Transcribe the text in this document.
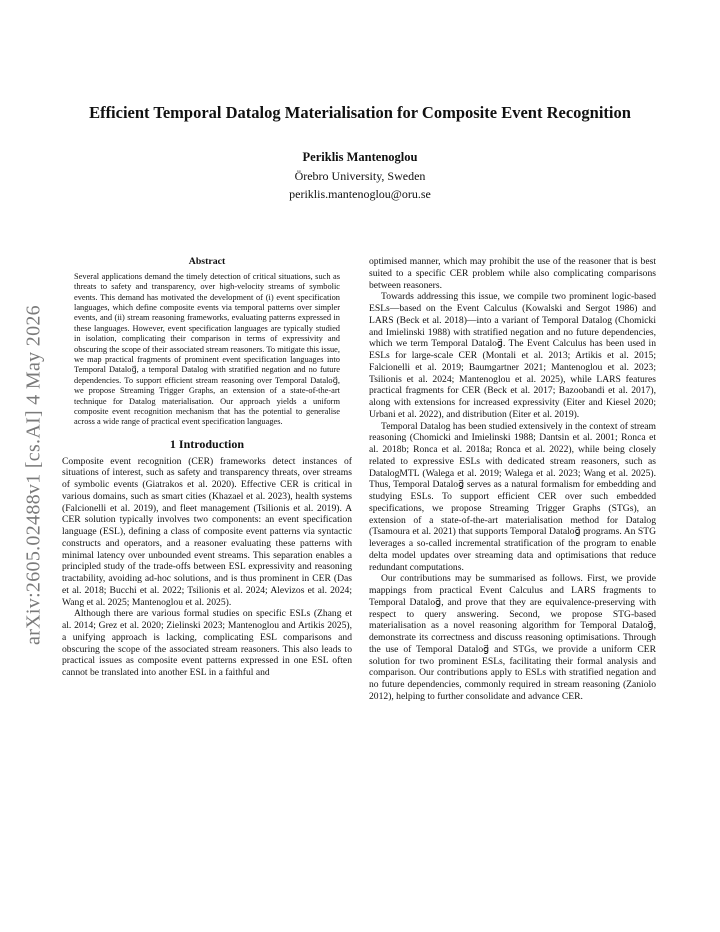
arXiv:2605.02488v1 [cs.AI] 4 May 2026
Efficient Temporal Datalog Materialisation for Composite Event Recognition
Periklis Mantenoglou
Örebro University, Sweden
periklis.mantenoglou@oru.se
Abstract

Several applications demand the timely detection of critical situations, such as threats to safety and transparency, over high-velocity streams of symbolic events. This demand has motivated the development of (i) event specification languages, which define composite events via temporal patterns over simpler events, and (ii) stream reasoning frameworks, evaluating patterns expressed in these languages. However, event specification languages are typically studied in isolation, complicating their comparison in terms of expressivity and obscuring the scope of their associated stream reasoners. To mitigate this issue, we map practical fragments of prominent event specification languages into Temporal Datalog⃗, a temporal Datalog with stratified negation and no future dependencies. To support efficient stream reasoning over Temporal Datalog⃗, we propose Streaming Trigger Graphs, an extension of a state-of-the-art technique for Datalog materialisation. Our approach yields a uniform composite event recognition mechanism that has the potential to generalise across a wide range of practical event specification languages.

1 Introduction

Composite event recognition (CER) frameworks detect instances of situations of interest, such as safety and transparency threats, over streams of symbolic events (Giatrakos et al. 2020). Effective CER is critical in various domains, such as smart cities (Khazael et al. 2023), health systems (Falcionelli et al. 2019), and fleet management (Tsilionis et al. 2019). A CER solution typically involves two components: an event specification language (ESL), defining a class of composite event patterns via syntactic constructs and operators, and a reasoner evaluating these patterns with minimal latency over unbounded event streams. This separation enables a principled study of the trade-offs between ESL expressivity and reasoning tractability, avoiding ad-hoc solutions, and is thus prominent in CER (Das et al. 2018; Bucchi et al. 2022; Tsilionis et al. 2024; Alevizos et al. 2024; Wang et al. 2025; Mantenoglou et al. 2025).

Although there are various formal studies on specific ESLs (Zhang et al. 2014; Grez et al. 2020; Zielinski 2023; Mantenoglou and Artikis 2025), a unifying approach is lacking, complicating ESL comparisons and obscuring the scope of the associated stream reasoners. This also leads to practical issues as composite event patterns expressed in one ESL often cannot be translated into another ESL in a faithful and

optimised manner, which may prohibit the use of the reasoner that is best suited to a specific CER problem while also complicating comparisons between reasoners.

Towards addressing this issue, we compile two prominent logic-based ESLs—based on the Event Calculus (Kowalski and Sergot 1986) and LARS (Beck et al. 2018)—into a variant of Temporal Datalog (Chomicki and Imielinski 1988) with stratified negation and no future dependencies, which we term Temporal Datalog⃗. The Event Calculus has been used in ESLs for large-scale CER (Montali et al. 2013; Artikis et al. 2015; Falcionelli et al. 2019; Baumgartner 2021; Mantenoglou et al. 2023; Tsilionis et al. 2024; Mantenoglou et al. 2025), while LARS features practical fragments for CER (Beck et al. 2017; Bazoobandi et al. 2017), along with extensions for increased expressivity (Eiter and Kiesel 2020; Urbani et al. 2022), and distribution (Eiter et al. 2019).

Temporal Datalog has been studied extensively in the context of stream reasoning (Chomicki and Imielinski 1988; Dantsin et al. 2001; Ronca et al. 2018b; Ronca et al. 2018a; Ronca et al. 2022), while being closely related to expressive ESLs with dedicated stream reasoners, such as DatalogMTL (Walega et al. 2019; Walega et al. 2023; Wang et al. 2025). Thus, Temporal Datalog⃗ serves as a natural formalism for embedding and studying ESLs. To support efficient CER over such embedded specifications, we propose Streaming Trigger Graphs (STGs), an extension of a state-of-the-art materialisation method for Datalog (Tsamoura et al. 2021) that supports Temporal Datalog⃗ programs. An STG leverages a so-called incremental stratification of the program to enable delta model updates over streaming data and optimisations that reduce redundant computations.

Our contributions may be summarised as follows. First, we provide mappings from practical Event Calculus and LARS fragments to Temporal Datalog⃗, and prove that they are equivalence-preserving with respect to query answering. Second, we propose STG-based materialisation as a novel reasoning algorithm for Temporal Datalog⃗, demonstrate its correctness and discuss reasoning optimisations. Through the use of Temporal Datalog⃗ and STGs, we provide a uniform CER solution for two prominent ESLs, facilitating their formal analysis and comparison. Our contributions apply to ESLs with stratified negation and no future dependencies, commonly required in stream reasoning (Zaniolo 2012), helping to further consolidate and advance CER.
